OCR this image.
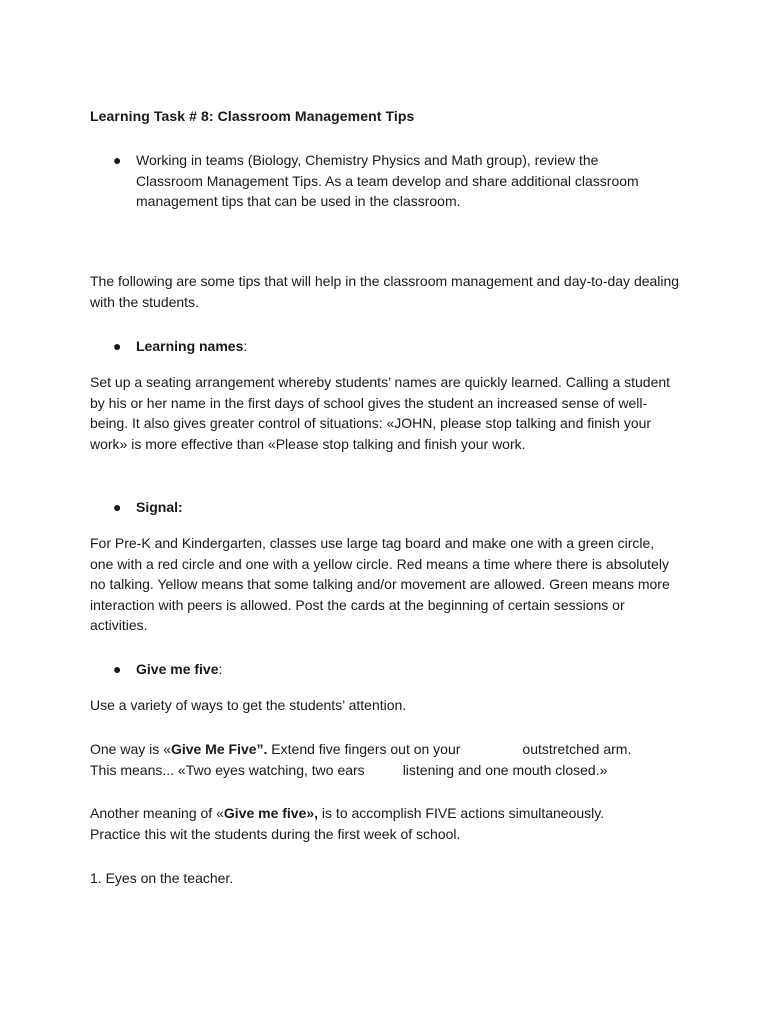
Learning Task # 8: Classroom Management Tips

● Working in teams (Biology, Chemistry Physics and Math group), review the Classroom Management Tips. As a team develop and share additional classroom management tips that can be used in the classroom.

The following are some tips that will help in the classroom management and day-to-day dealing with the students.

● Learning names:

Set up a seating arrangement whereby students’ names are quickly learned. Calling a student by his or her name in the first days of school gives the student an increased sense of well-being. It also gives greater control of situations: «JOHN, please stop talking and finish your work» is more effective than «Please stop talking and finish your work.

● Signal:

For Pre-K and Kindergarten, classes use large tag board and make one with a green circle, one with a red circle and one with a yellow circle. Red means a time where there is absolutely no talking. Yellow means that some talking and/or movement are allowed. Green means more interaction with peers is allowed. Post the cards at the beginning of certain sessions or activities.

● Give me five:

Use a variety of ways to get the students’ attention.

One way is «Give Me Five”. Extend five fingers out on your	outstretched arm.
This means... «Two eyes watching, two ears	listening and one mouth closed.»

Another meaning of «Give me five», is to accomplish FIVE actions simultaneously.
Practice this wit the students during the first week of school.

1. Eyes on the teacher.
